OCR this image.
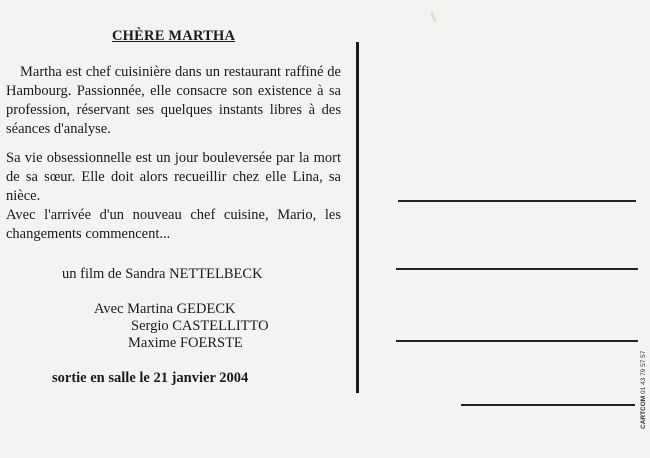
CHÈRE MARTHA
Martha est chef cuisinière dans un restaurant raffiné de Hambourg. Passionnée, elle consacre son existence à sa profession, réservant ses quelques instants libres à des séances d'analyse.
Sa vie obsessionnelle est un jour bouleversée par la mort de sa sœur. Elle doit alors recueillir chez elle Lina, sa nièce.
Avec l'arrivée d'un nouveau chef cuisine, Mario, les changements commencent...
un film de Sandra NETTELBECK
Avec Martina GEDECK
Sergio CASTELLITTO
Maxime FOERSTE
sortie en salle le 21 janvier 2004
CARTCOM 01 43 79 57 57
